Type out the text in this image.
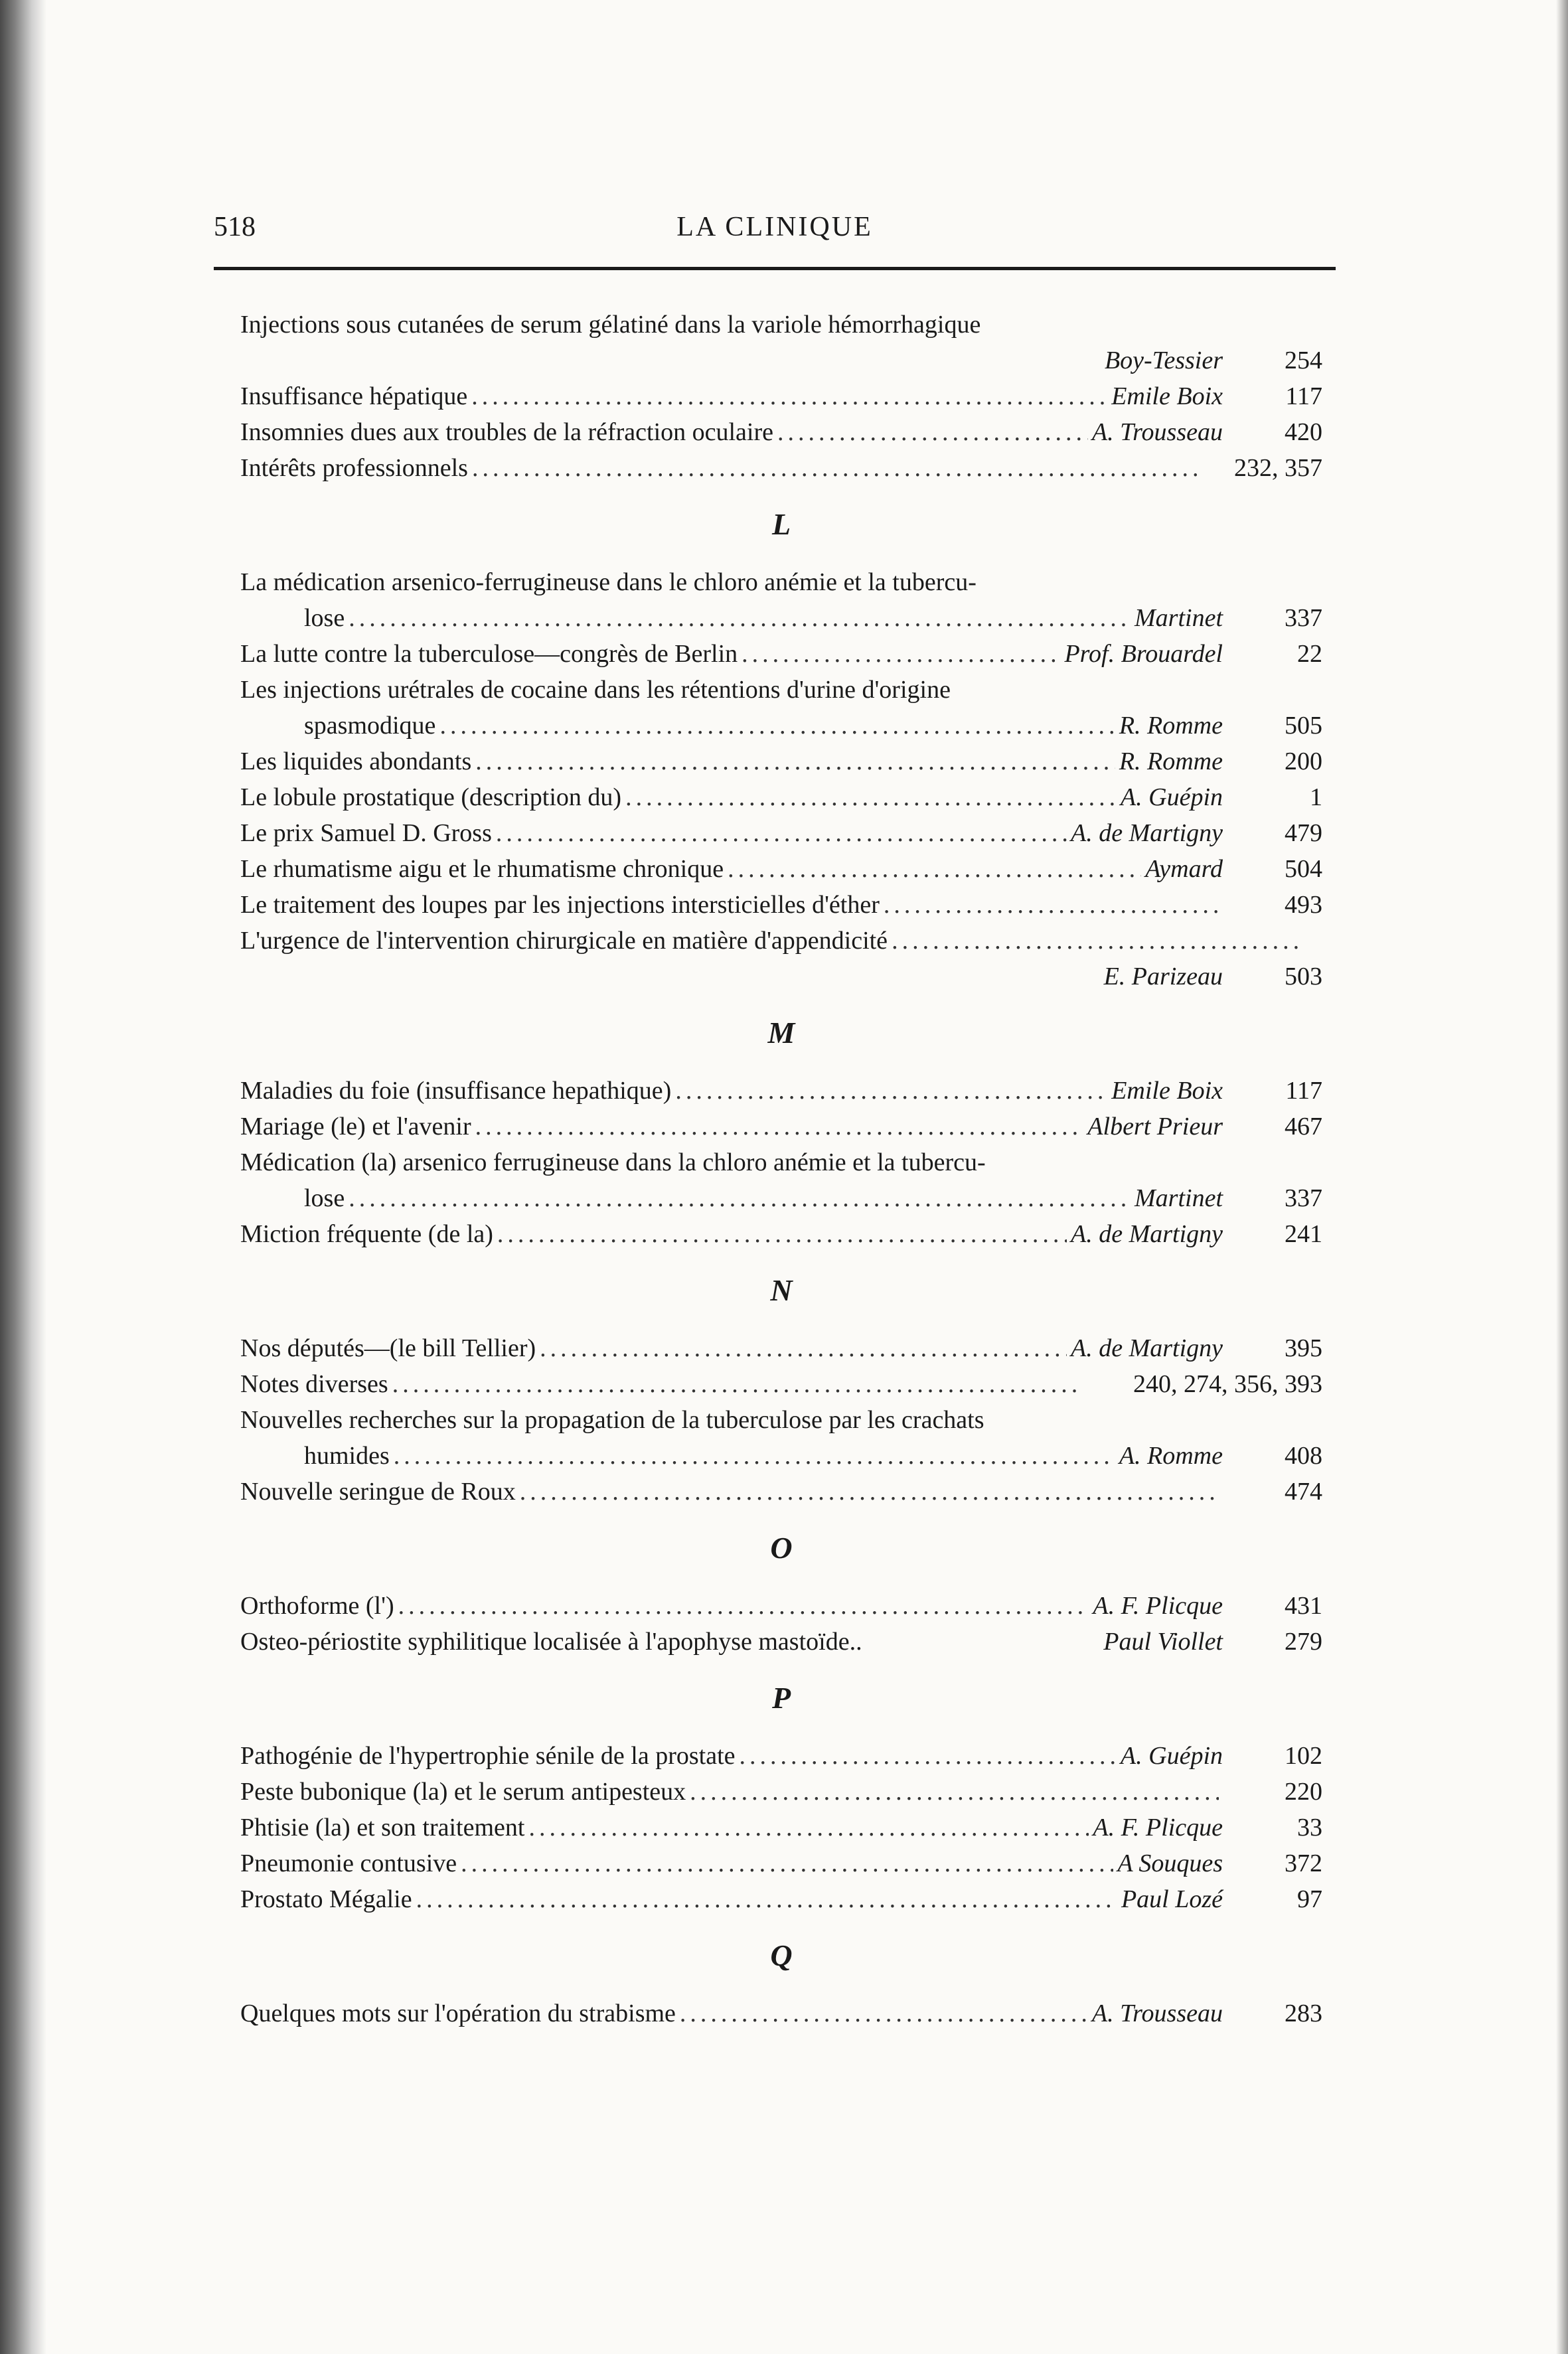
518	LA CLINIQUE
Injections sous cutanées de serum gélatiné dans la variole hémorrhagique
Boy-Tessier	254
Insuffisance hépatique .....	Emile Boix	117
Insomnies dues aux troubles de la réfraction oculaire .....	A. Trousseau	420
Intérêts professionnels .....	232, 357
L
La médication arsenico-ferrugineuse dans le chloro anémie et la tubercu-
lose .....	Martinet	337
La lutte contre la tuberculose—congrès de Berlin .....	Prof. Brouardel	22
Les injections urétrales de cocaine dans les rétentions d'urine d'origine
spasmodique .....	R. Romme	505
Les liquides abondants .....	R. Romme	200
Le lobule prostatique (description du) .....	A. Guépin	1
Le prix Samuel D. Gross .....	A. de Martigny	479
Le rhumatisme aigu et le rhumatisme chronique .....	Aymard	504
Le traitement des loupes par les injections intersticielles d'éther .....	493
L'urgence de l'intervention chirurgicale en matière d'appendicité
.....
E. Parizeau	503
M
Maladies du foie (insuffisance hepathique) .....	Emile Boix	117
Mariage (le) et l'avenir .....	Albert Prieur	467
Médication (la) arsenico ferrugineuse dans la chloro anémie et la tubercu-
lose .....	Martinet	337
Miction fréquente (de la) .....	A. de Martigny	241
N
Nos députés—(le bill Tellier) .....	A. de Martigny	395
Notes diverses .....	240, 274, 356, 393
Nouvelles recherches sur la propagation de la tuberculose par les crachats
humides .....	A. Romme	408
Nouvelle seringue de Roux .....	474
O
Orthoforme (l') .....	A. F. Plicque	431
Osteo-périostite syphilitique localisée à l'apophyse mastoïde..	Paul Viollet	279
P
Pathogénie de l'hypertrophie sénile de la prostate .....	A. Guépin	102
Peste bubonique (la) et le serum antipesteux .....	220
Phtisie (la) et son traitement .....	A. F. Plicque	33
Pneumonie contusive .....	A Souques	372
Prostato Mégalie .....	Paul Lozé	97
Q
Quelques mots sur l'opération du strabisme .....	A. Trousseau	283
